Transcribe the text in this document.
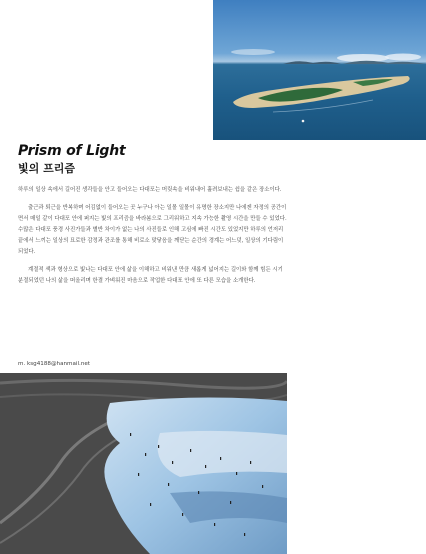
Prism of Light
빛의 프리즘

하루의 일상 속에서 길어진 생각들을 안고 들어오는 다대포는 머릿속을 비워내어 흘려보내는 쉼을 같은 장소이다.

출근과 퇴근을 반복하며 어김없이 들어오는 곳 누구나 아는 일몰 일몰이 유명한 장소지만 나에겐 자정의 공간이면서 매일 같이 다대포 안에 퍼지는 빛의 프리즘을 바라봄으로 그리워하고 지속 가능한 촬영 시간을 만들 수 있었다. 수많은 다대포 풍경 사진가들과 별반 차이가 없는 나의 사진들로 인해 고심에 빠진 시간도 있었지만 하루의 언저리 끝에서 느끼는 일상의 묘로한 감정과 관조를 통해 비로소 맞닿음을 깨닫는 순간의 경계는 어느덧, 일상의 기다림이 되었다.

계절적 색과 형상으로 빛나는 다대포 안에 삶을 이해하고 비워낸 만큼 새롭게 넓어지는 길이와 함께 힘든 시기 분절되었던 나의 삶을 떠올리며 한결 가벼워진 마음으로 작업한 다대포 안에 또 다른 모습을 소개한다.

m. ksg4188@hanmail.net
